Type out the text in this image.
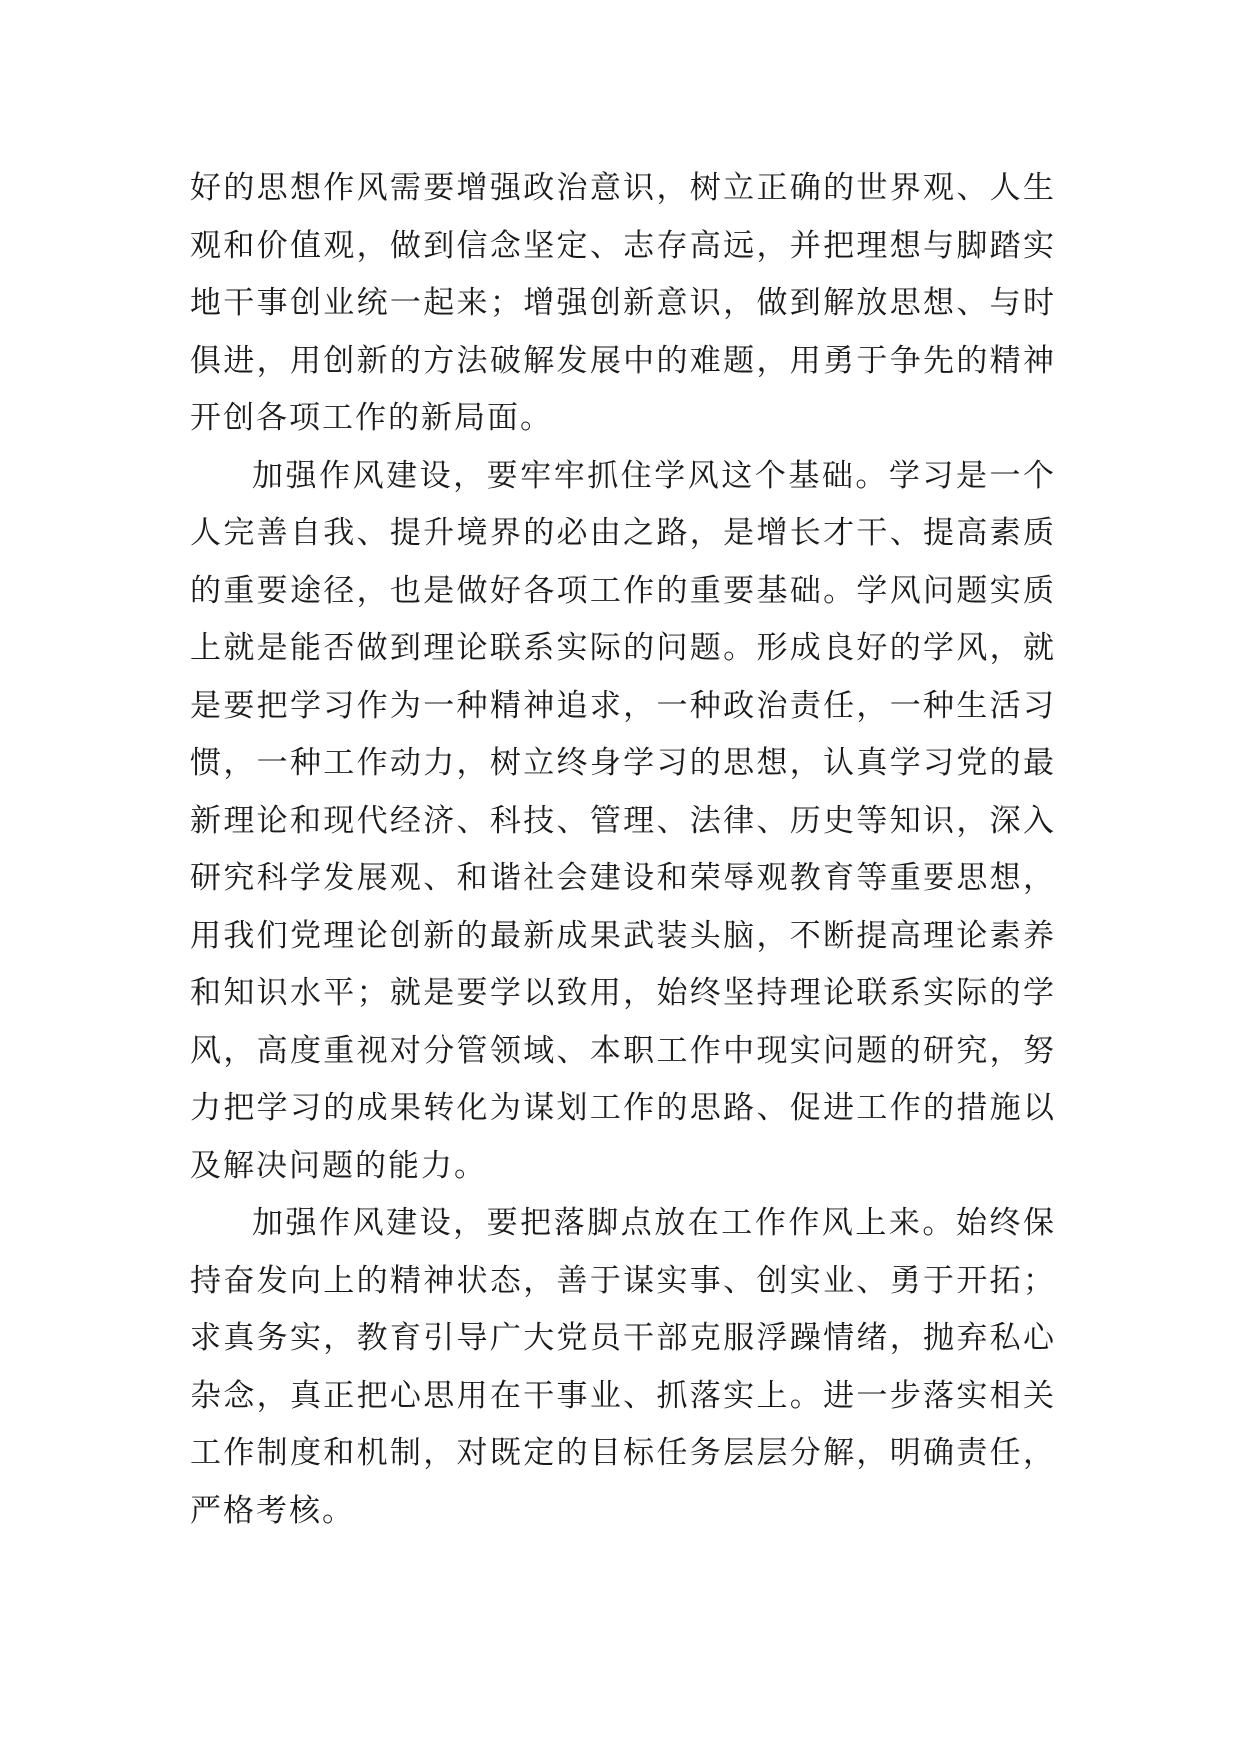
好的思想作风需要增强政治意识，树立正确的世界观、人生观和价值观，做到信念坚定、志存高远，并把理想与脚踏实地干事创业统一起来；增强创新意识，做到解放思想、与时俱进，用创新的方法破解发展中的难题，用勇于争先的精神开创各项工作的新局面。

加强作风建设，要牢牢抓住学风这个基础。学习是一个人完善自我、提升境界的必由之路，是增长才干、提高素质的重要途径，也是做好各项工作的重要基础。学风问题实质上就是能否做到理论联系实际的问题。形成良好的学风，就是要把学习作为一种精神追求，一种政治责任，一种生活习惯，一种工作动力，树立终身学习的思想，认真学习党的最新理论和现代经济、科技、管理、法律、历史等知识，深入研究科学发展观、和谐社会建设和荣辱观教育等重要思想，用我们党理论创新的最新成果武装头脑，不断提高理论素养和知识水平；就是要学以致用，始终坚持理论联系实际的学风，高度重视对分管领域、本职工作中现实问题的研究，努力把学习的成果转化为谋划工作的思路、促进工作的措施以及解决问题的能力。

加强作风建设，要把落脚点放在工作作风上来。始终保持奋发向上的精神状态，善于谋实事、创实业、勇于开拓；求真务实，教育引导广大党员干部克服浮躁情绪，抛弃私心杂念，真正把心思用在干事业、抓落实上。进一步落实相关工作制度和机制，对既定的目标任务层层分解，明确责任，严格考核。
